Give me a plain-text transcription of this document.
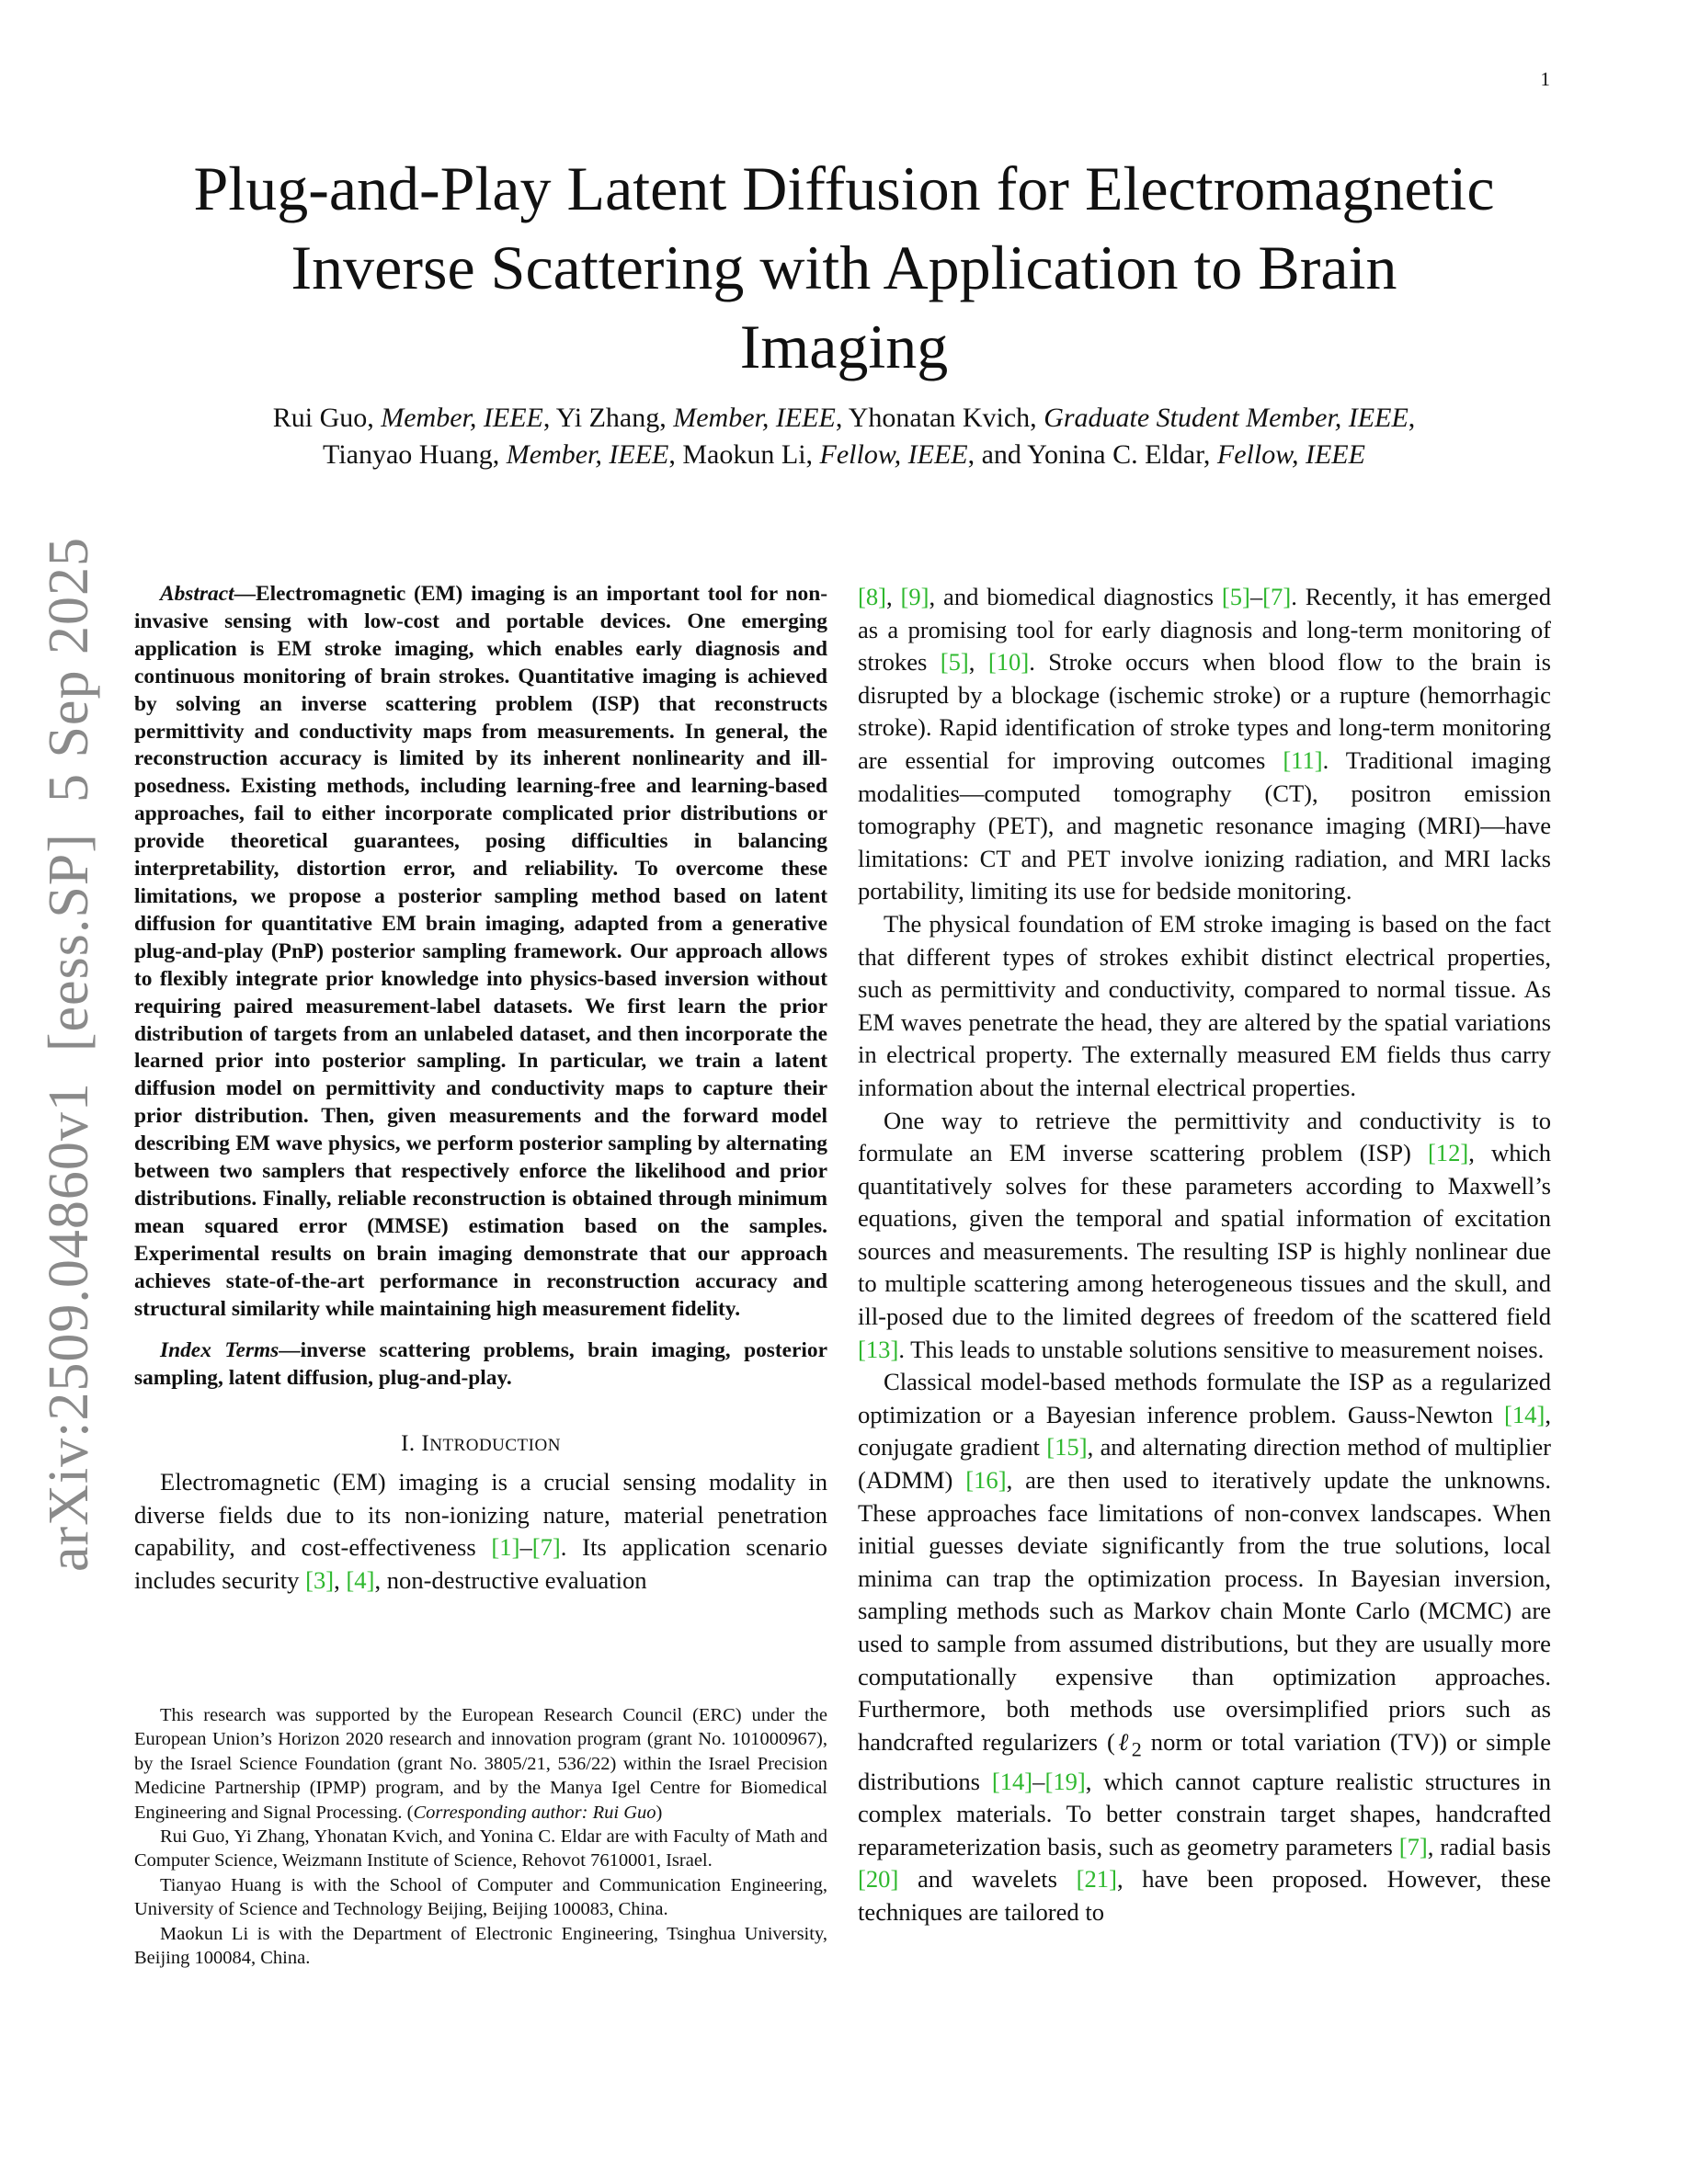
1
arXiv:2509.04860v1  [eess.SP]  5 Sep 2025
Plug-and-Play Latent Diffusion for Electromagnetic
Inverse Scattering with Application to Brain
Imaging
Rui Guo, Member, IEEE, Yi Zhang, Member, IEEE, Yhonatan Kvich, Graduate Student Member, IEEE,
Tianyao Huang, Member, IEEE, Maokun Li, Fellow, IEEE, and Yonina C. Eldar, Fellow, IEEE

Abstract—Electromagnetic (EM) imaging is an important tool for non-invasive sensing with low-cost and portable devices. One emerging application is EM stroke imaging, which enables early diagnosis and continuous monitoring of brain strokes. Quantitative imaging is achieved by solving an inverse scattering problem (ISP) that reconstructs permittivity and conductivity maps from measurements. In general, the reconstruction accuracy is limited by its inherent nonlinearity and ill-posedness. Existing methods, including learning-free and learning-based approaches, fail to either incorporate complicated prior distributions or provide theoretical guarantees, posing difficulties in balancing interpretability, distortion error, and reliability. To overcome these limitations, we propose a posterior sampling method based on latent diffusion for quantitative EM brain imaging, adapted from a generative plug-and-play (PnP) posterior sampling framework. Our approach allows to flexibly integrate prior knowledge into physics-based inversion without requiring paired measurement-label datasets. We first learn the prior distribution of targets from an unlabeled dataset, and then incorporate the learned prior into posterior sampling. In particular, we train a latent diffusion model on permittivity and conductivity maps to capture their prior distribution. Then, given measurements and the forward model describing EM wave physics, we perform posterior sampling by alternating between two samplers that respectively enforce the likelihood and prior distributions. Finally, reliable reconstruction is obtained through minimum mean squared error (MMSE) estimation based on the samples. Experimental results on brain imaging demonstrate that our approach achieves state-of-the-art performance in reconstruction accuracy and structural similarity while maintaining high measurement fidelity.

Index Terms—inverse scattering problems, brain imaging, posterior sampling, latent diffusion, plug-and-play.

I. INTRODUCTION

Electromagnetic (EM) imaging is a crucial sensing modality in diverse fields due to its non-ionizing nature, material penetration capability, and cost-effectiveness [1]–[7]. Its application scenario includes security [3], [4], non-destructive evaluation

This research was supported by the European Research Council (ERC) under the European Union’s Horizon 2020 research and innovation program (grant No. 101000967), by the Israel Science Foundation (grant No. 3805/21, 536/22) within the Israel Precision Medicine Partnership (IPMP) program, and by the Manya Igel Centre for Biomedical Engineering and Signal Processing. (Corresponding author: Rui Guo)

Rui Guo, Yi Zhang, Yhonatan Kvich, and Yonina C. Eldar are with Faculty of Math and Computer Science, Weizmann Institute of Science, Rehovot 7610001, Israel.

Tianyao Huang is with the School of Computer and Communication Engineering, University of Science and Technology Beijing, Beijing 100083, China.

Maokun Li is with the Department of Electronic Engineering, Tsinghua University, Beijing 100084, China.

[8], [9], and biomedical diagnostics [5]–[7]. Recently, it has emerged as a promising tool for early diagnosis and long-term monitoring of strokes [5], [10]. Stroke occurs when blood flow to the brain is disrupted by a blockage (ischemic stroke) or a rupture (hemorrhagic stroke). Rapid identification of stroke types and long-term monitoring are essential for improving outcomes [11]. Traditional imaging modalities—computed tomography (CT), positron emission tomography (PET), and magnetic resonance imaging (MRI)—have limitations: CT and PET involve ionizing radiation, and MRI lacks portability, limiting its use for bedside monitoring.

The physical foundation of EM stroke imaging is based on the fact that different types of strokes exhibit distinct electrical properties, such as permittivity and conductivity, compared to normal tissue. As EM waves penetrate the head, they are altered by the spatial variations in electrical property. The externally measured EM fields thus carry information about the internal electrical properties.

One way to retrieve the permittivity and conductivity is to formulate an EM inverse scattering problem (ISP) [12], which quantitatively solves for these parameters according to Maxwell’s equations, given the temporal and spatial information of excitation sources and measurements. The resulting ISP is highly nonlinear due to multiple scattering among heterogeneous tissues and the skull, and ill-posed due to the limited degrees of freedom of the scattered field [13]. This leads to unstable solutions sensitive to measurement noises.

Classical model-based methods formulate the ISP as a regularized optimization or a Bayesian inference problem. Gauss-Newton [14], conjugate gradient [15], and alternating direction method of multiplier (ADMM) [16], are then used to iteratively update the unknowns. These approaches face limitations of non-convex landscapes. When initial guesses deviate significantly from the true solutions, local minima can trap the optimization process. In Bayesian inversion, sampling methods such as Markov chain Monte Carlo (MCMC) are used to sample from assumed distributions, but they are usually more computationally expensive than optimization approaches. Furthermore, both methods use oversimplified priors such as handcrafted regularizers (ℓ$_2$ norm or total variation (TV)) or simple distributions [14]–[19], which cannot capture realistic structures in complex materials. To better constrain target shapes, handcrafted reparameterization basis, such as geometry parameters [7], radial basis [20] and wavelets [21], have been proposed. However, these techniques are tailored to
